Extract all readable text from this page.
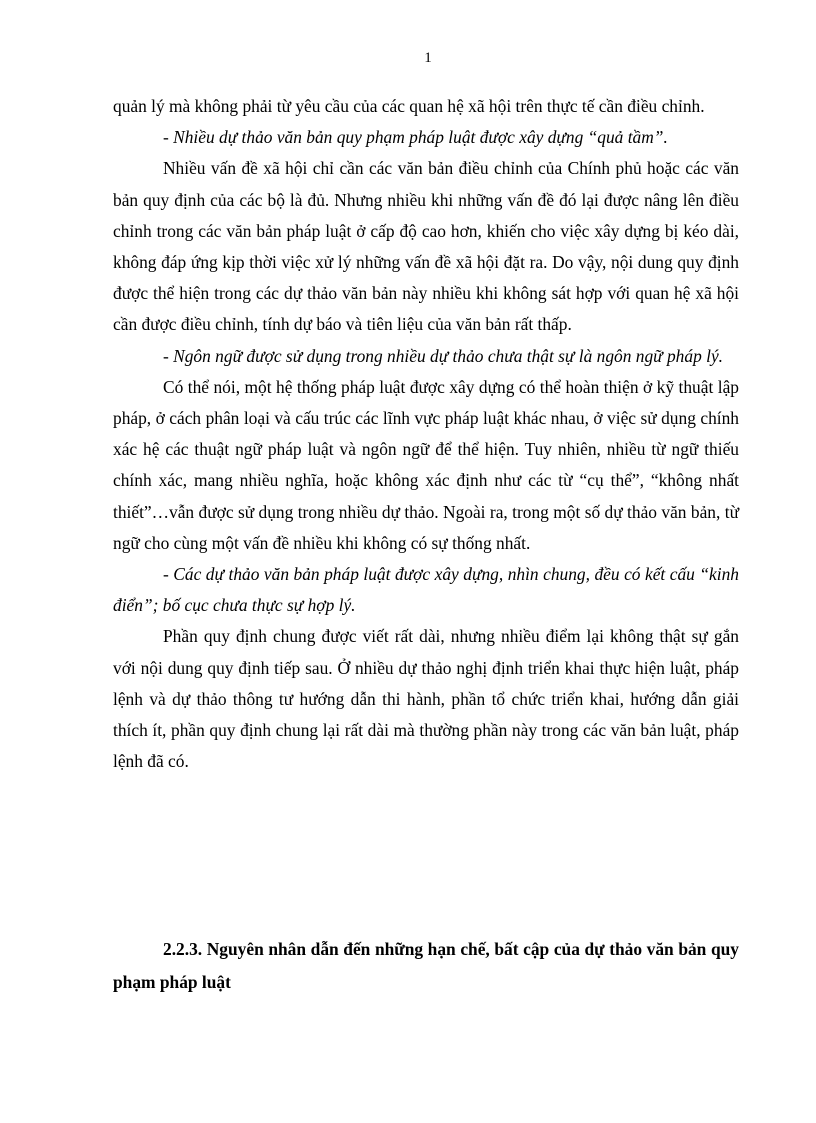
1

quản lý mà không phải từ yêu cầu của các quan hệ xã hội trên thực tế cần điều chỉnh.

- Nhiều dự thảo văn bản quy phạm pháp luật được xây dựng “quả tầm”.

Nhiều vấn đề xã hội chỉ cần các văn bản điều chỉnh của Chính phủ hoặc các văn bản quy định của các bộ là đủ. Nhưng nhiều khi những vấn đề đó lại được nâng lên điều chỉnh trong các văn bản pháp luật ở cấp độ cao hơn, khiến cho việc xây dựng bị kéo dài, không đáp ứng kịp thời việc xử lý những vấn đề xã hội đặt ra. Do vậy, nội dung quy định được thể hiện trong các dự thảo văn bản này nhiều khi không sát hợp với quan hệ xã hội cần được điều chỉnh, tính dự báo và tiên liệu của văn bản rất thấp.

- Ngôn ngữ được sử dụng trong nhiều dự thảo chưa thật sự là ngôn ngữ pháp lý.

Có thể nói, một hệ thống pháp luật được xây dựng có thể hoàn thiện ở kỹ thuật lập pháp, ở cách phân loại và cấu trúc các lĩnh vực pháp luật khác nhau, ở việc sử dụng chính xác hệ các thuật ngữ pháp luật và ngôn ngữ để thể hiện. Tuy nhiên, nhiều từ ngữ thiếu chính xác, mang nhiều nghĩa, hoặc không xác định như các từ “cụ thể”, “không nhất thiết”…vẫn được sử dụng trong nhiều dự thảo. Ngoài ra, trong một số dự thảo văn bản, từ ngữ cho cùng một vấn đề nhiều khi không có sự thống nhất.

- Các dự thảo văn bản pháp luật được xây dựng, nhìn chung, đều có kết cấu “kinh điển”; bố cục chưa thực sự hợp lý.

Phần quy định chung được viết rất dài, nhưng nhiều điểm lại không thật sự gắn với nội dung quy định tiếp sau. Ở nhiều dự thảo nghị định triển khai thực hiện luật, pháp lệnh và dự thảo thông tư hướng dẫn thi hành, phần tổ chức triển khai, hướng dẫn giải thích ít, phần quy định chung lại rất dài mà thường phần này trong các văn bản luật, pháp lệnh đã có.

2.2.3. Nguyên nhân dẫn đến những hạn chế, bất cập của dự thảo văn bản quy phạm pháp luật
